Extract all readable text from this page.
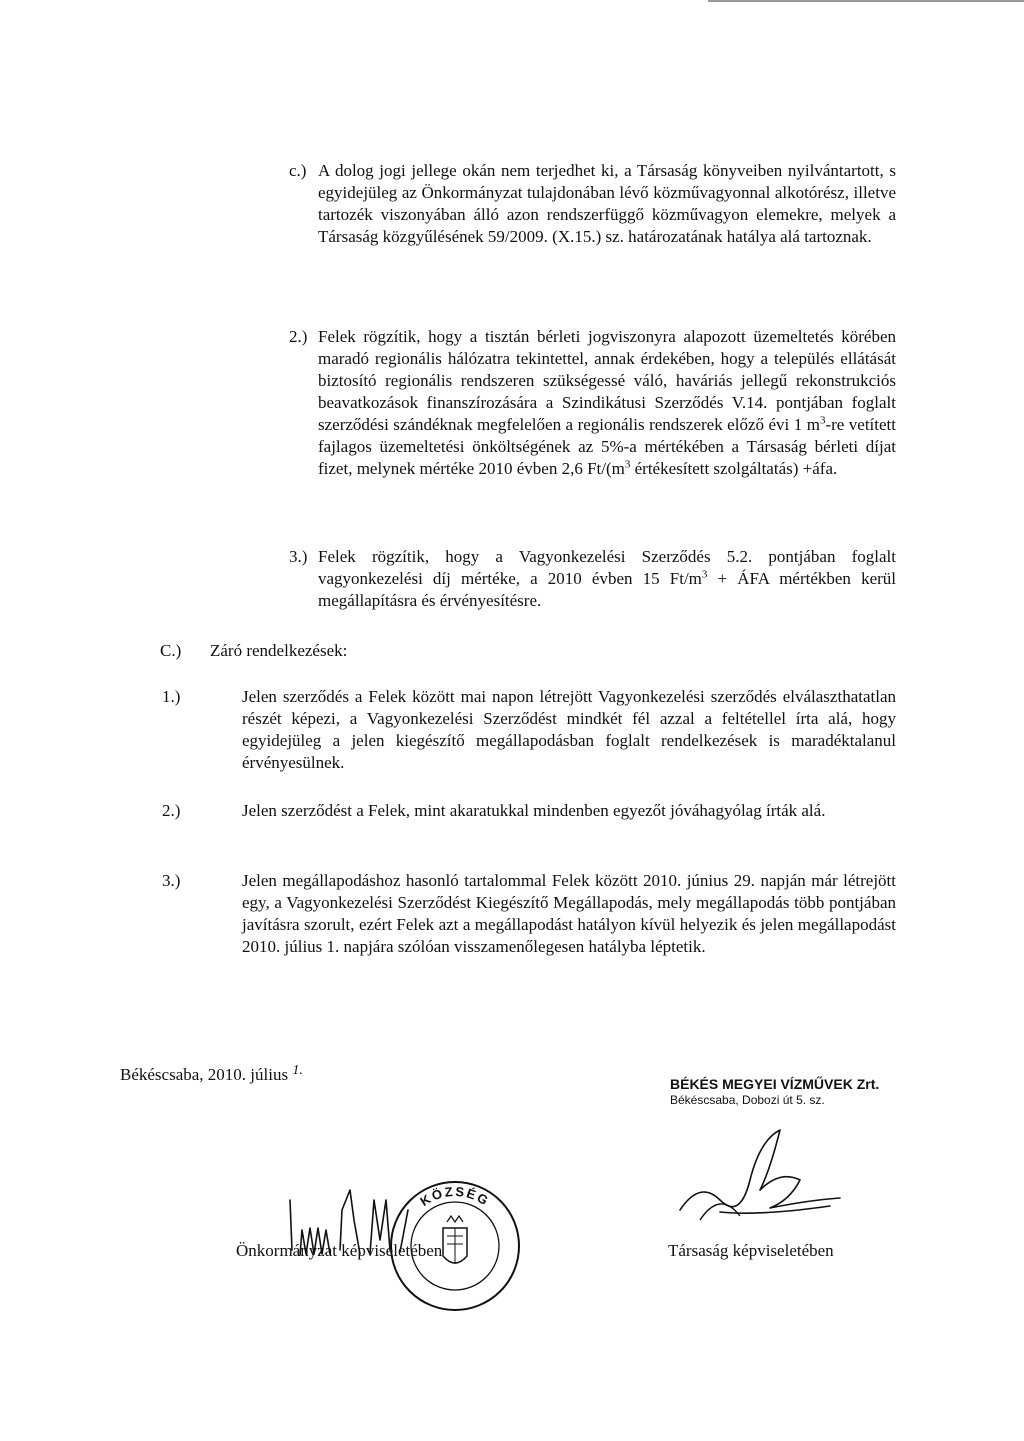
c.) A dolog jogi jellege okán nem terjedhet ki, a Társaság könyveiben nyilvántartott, s egyidejüleg az Önkormányzat tulajdonában lévő közművagyonnal alkotórész, illetve tartozék viszonyában álló azon rendszerfüggő közművagyon elemekre, melyek a Társaság közgyűlésének 59/2009. (X.15.) sz. határozatának hatálya alá tartoznak.

2.) Felek rögzítik, hogy a tisztán bérleti jogviszonyra alapozott üzemeltetés körében maradó regionális hálózatra tekintettel, annak érdekében, hogy a település ellátását biztosító regionális rendszeren szükségessé váló, haváriás jellegű rekonstrukciós beavatkozások finanszírozására a Szindikátusi Szerződés V.14. pontjában foglalt szerződési szándéknak megfelelően a regionális rendszerek előző évi 1 $m^3-re$ vetített fajlagos üzemeltetési önköltségének az 5%-a mértékében a Társaság bérleti díjat fizet, melynek mértéke 2010 évben 2,6 $Ft/(m^3$ értékesített szolgáltatás) +áfa.

3.) Felek rögzítik, hogy a Vagyonkezelési Szerződés 5.2. pontjában foglalt vagyonkezelési díj mértéke, a 2010 évben 15 $Ft/m^3$ + ÁFA mértékben kerül megállapításra és érvényesítésre.

C.) Záró rendelkezések:
1.)	Jelen szerződés a Felek között mai napon létrejött Vagyonkezelési szerződés elválaszthatatlan részét képezi, a Vagyonkezelési Szerződést mindkét fél azzal a feltétellel írta alá, hogy egyidejüleg a jelen kiegészítő megállapodásban foglalt rendelkezések is maradéktalanul érvényesülnek.

2.)	Jelen szerződést a Felek, mint akaratukkal mindenben egyezőt jóváhagyólag írták alá.

3.)	Jelen megállapodáshoz hasonló tartalommal Felek között 2010. június 29. napján már létrejött egy, a Vagyonkezelési Szerződést Kiegészítő Megállapodás, mely megállapodás több pontjában javításra szorult, ezért Felek azt a megállapodást hatályon kívül helyezik és jelen megállapodást 2010. július 1. napjára szólóan visszamenőlegesen hatályba léptetik.

Békéscsaba, 2010. július $^{1.}$
BÉKÉS MEGYEI VÍZMŰVEK Zrt.
Békéscsaba, Dobozi út 5. sz.
KÖZSÉG
Önkormányzat képviseletében	Társaság képviseletében
